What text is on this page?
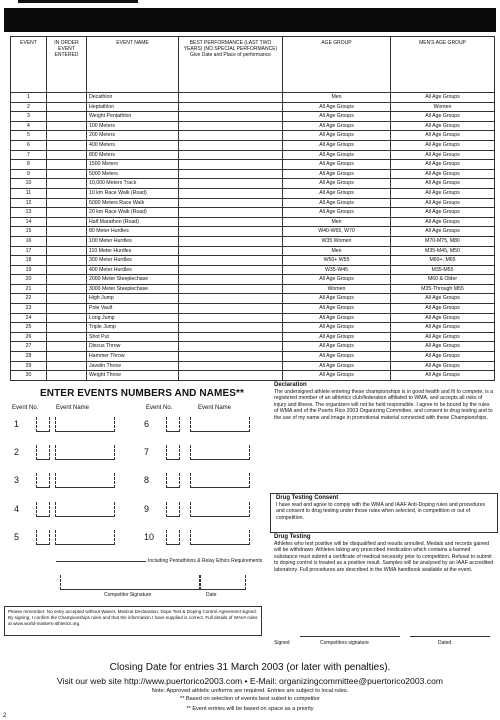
EVENT	IN ORDER EVENT ENTERED	EVENT NAME	BEST PERFORMANCE (LAST TWO YEARS) (NO SPECIAL PERFORMANCE) Give Date and Place of performance	AGE GROUP	MEN'S AGE GROUP
1		Decathlon		Men	All Age Groups
2		Heptathlon		All Age Groups	Women
3		Weight Pentathlon		All Age Groups	All Age Groups
4		100 Meters		All Age Groups	All Age Groups
5		200 Meters		All Age Groups	All Age Groups
6		400 Meters		All Age Groups	All Age Groups
7		800 Meters		All Age Groups	All Age Groups
8		1500 Meters		All Age Groups	All Age Groups
9		5000 Meters		All Age Groups	All Age Groups
10		10,000 Meters Track		All Age Groups	All Age Groups
11		10 km Race Walk (Road)		All Age Groups	All Age Groups
12		5000 Meters Race Walk		All Age Groups	All Age Groups
13		20 km Race Walk (Road)		All Age Groups	All Age Groups
14		Half Marathon (Road)		Men	All Age Groups
15		80 Meter Hurdles		W40-W65, W70	All Age Groups
16		100 Meter Hurdles		W35 Women	M70-M75, M80
17		110 Meter Hurdles		Men	M35-M45, M50
18		300 Meter Hurdles		W50+ W55	M60+, M65
19		400 Meter Hurdles		W35-W45	M35-M55
20		2000 Meter Steeplechase		All Age Groups	M60 & Older
21		3000 Meter Steeplechase		Women	M35-Through M55
22		High Jump		All Age Groups	All Age Groups
23		Pole Vault		All Age Groups	All Age Groups
24		Long Jump		All Age Groups	All Age Groups
25		Triple Jump		All Age Groups	All Age Groups
26		Shot Put		All Age Groups	All Age Groups
27		Discus Throw		All Age Groups	All Age Groups
28		Hammer Throw		All Age Groups	All Age Groups
29		Javelin Throw		All Age Groups	All Age Groups
30		Weight Throw		All Age Groups	All Age Groups
ENTER EVENTS NUMBERS AND NAMES**
Event No.	Event Name	Event No.	Event Name
1	6
2	7
3	8
4	9
5	10
Including Pentathlons & Relay Ethics Requirements
Competitor Signature	Date
Please remember: No entry accepted without Waiver, Medical Declaration, Dope Test & Doping Control Agreement signed. By signing, I confirm the Championships rules and that the information I have supplied is correct. Full details of WAVA rules at www.world-masters-athletics.org.
Declaration
The undersigned athlete entering these championships is in good health and fit to compete, is a registered member of an athletics club/federation affiliated to WMA, and accepts all risks of injury and illness. The organizers will not be held responsible. I agree to be bound by the rules of WMA and of the Puerto Rico 2003 Organizing Committee, and consent to drug testing and to the use of my name and image in promotional material connected with these Championships.
Drug Testing Consent
I have read and agree to comply with the WMA and IAAF Anti-Doping rules and procedures and consent to drug testing under those rules when selected, in competition or out of competition.
Drug Testing
Athletes who test positive will be disqualified and results annulled. Medals and records gained will be withdrawn. Athletes taking any prescribed medication which contains a banned substance must submit a certificate of medical necessity prior to competition. Refusal to submit to doping control is treated as a positive result. Samples will be analysed by an IAAF accredited laboratory. Full procedures are described in the WMA handbook available at the event.
Signed	Competitors signature	Dated
Closing Date for entries 31 March 2003 (or later with penalties).
Visit our web site http://www.puertorico2003.com • E-Mail: organizingcommittee@puertorico2003.com
Note: Approved athletic uniforms are required. Entries are subject to local rules.
** Based on selection of events best suited to competitor
** Event entries will be based on space as a priority
2
